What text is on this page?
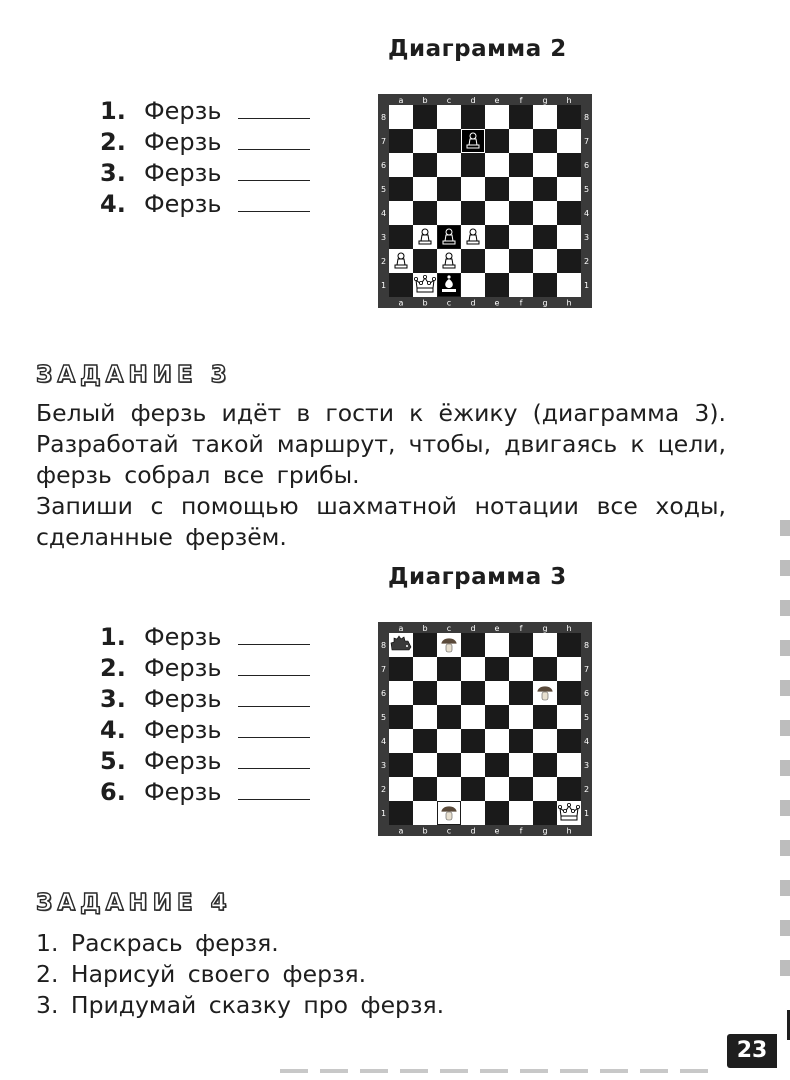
Диаграмма 2
1. Ферзь
2. Ферзь
3. Ферзь
4. Ферзь
a
a
b
b
c
c
d
d
e
e
f
f
g
g
h
h
8	8
7	7
6	6
5	5
4	4
3	3
2	2
1	1
ЗАДАНИЕ 3
Белый ферзь идёт в гости к ёжику (диаграмма 3). Разработай такой маршрут, чтобы, двигаясь к цели, ферзь собрал все грибы.
Запиши с помощью шахматной нотации все ходы, сделанные ферзём.
Диаграмма 3
1. Ферзь
2. Ферзь
3. Ферзь
4. Ферзь
5. Ферзь
6. Ферзь
a
a
b
b
c
c
d
d
e
e
f
f
g
g
h
h
8	8
7	7
6	6
5	5
4	4
3	3
2	2
1	1
ЗАДАНИЕ 4
1. Раскрась ферзя.
2. Нарисуй своего ферзя.
3. Придумай сказку про ферзя.
23
